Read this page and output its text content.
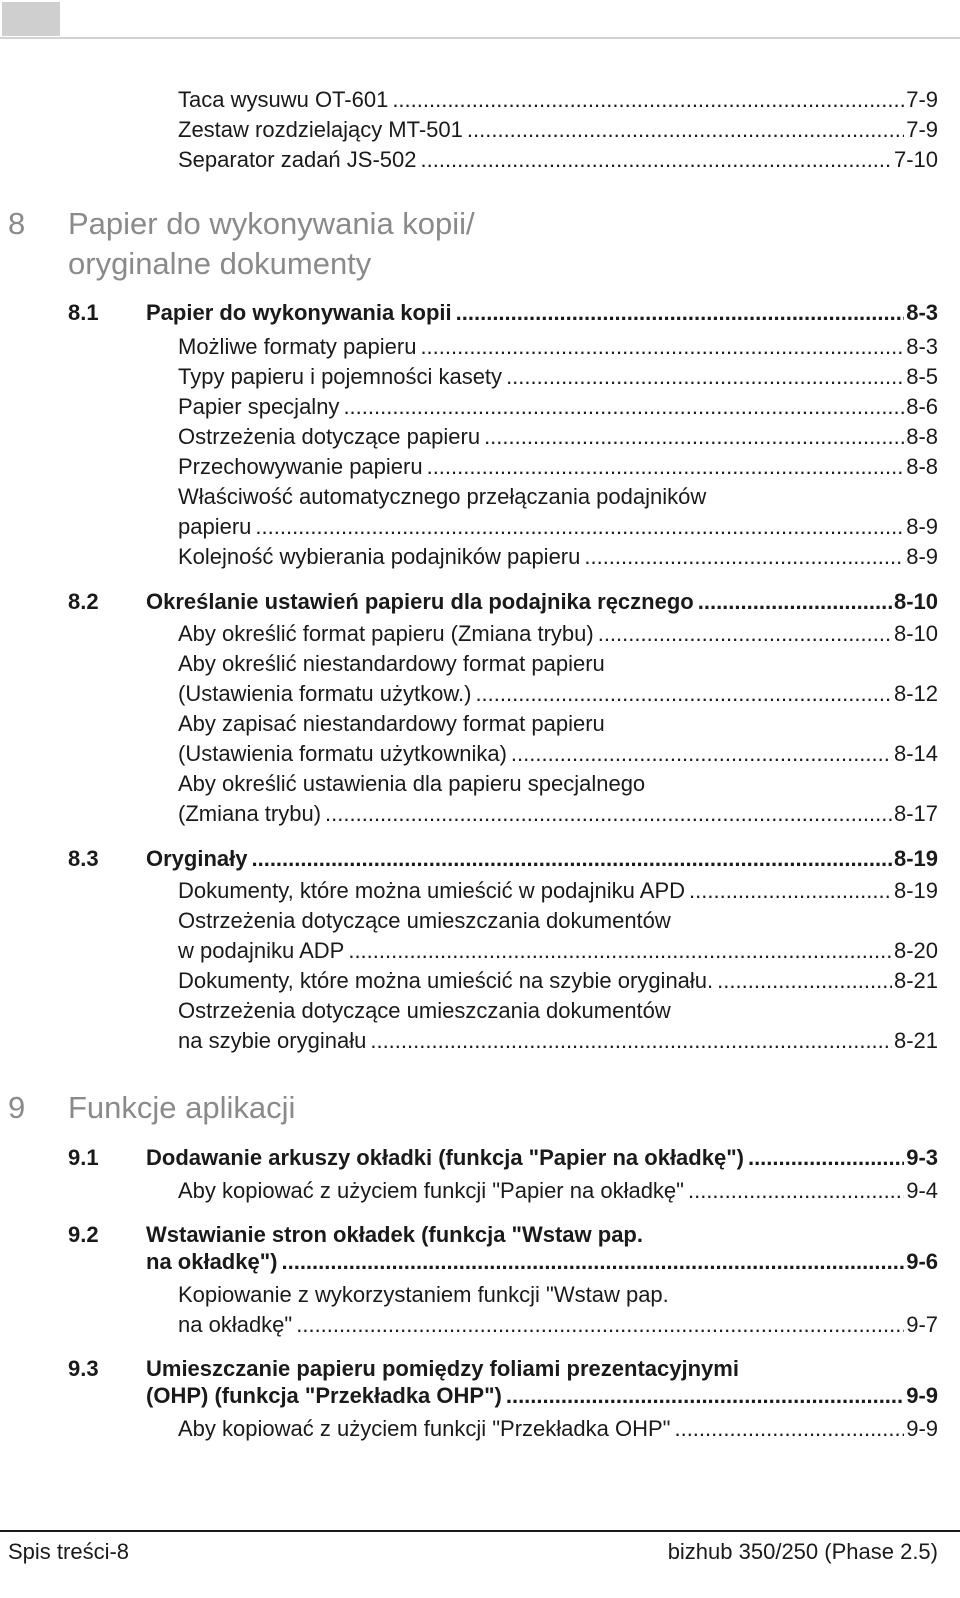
Taca wysuwu OT-601 .....	7-9
Zestaw rozdzielający MT-501 .....	7-9
Separator zadań JS-502 .....	7-10
8 Papier do wykonywania kopii/
oryginalne dokumenty
8.1	Papier do wykonywania kopii .....	8-3
Możliwe formaty papieru .....	8-3
Typy papieru i pojemności kasety .....	8-5
Papier specjalny .....	8-6
Ostrzeżenia dotyczące papieru .....	8-8
Przechowywanie papieru .....	8-8
Właściwość automatycznego przełączania podajników
papieru .....	8-9
Kolejność wybierania podajników papieru .....	8-9
8.2	Określanie ustawień papieru dla podajnika ręcznego .....	8-10
Aby określić format papieru (Zmiana trybu) .....	8-10
Aby określić niestandardowy format papieru
(Ustawienia formatu użytkow.) .....	8-12
Aby zapisać niestandardowy format papieru
(Ustawienia formatu użytkownika) .....	8-14
Aby określić ustawienia dla papieru specjalnego
(Zmiana trybu) .....	8-17
8.3	Oryginały .....	8-19
Dokumenty, które można umieścić w podajniku APD .....	8-19
Ostrzeżenia dotyczące umieszczania dokumentów
w podajniku ADP .....	8-20
Dokumenty, które można umieścić na szybie oryginału. .....	8-21
Ostrzeżenia dotyczące umieszczania dokumentów
na szybie oryginału .....	8-21
9 Funkcje aplikacji
9.1	Dodawanie arkuszy okładki (funkcja "Papier na okładkę") .....	9-3
Aby kopiować z użyciem funkcji "Papier na okładkę" .....	9-4
9.2	Wstawianie stron okładek (funkcja "Wstaw pap.
na okładkę") .....	9-6
Kopiowanie z wykorzystaniem funkcji "Wstaw pap.
na okładkę" .....	9-7
9.3	Umieszczanie papieru pomiędzy foliami prezentacyjnymi
(OHP) (funkcja "Przekładka OHP") .....	9-9
Aby kopiować z użyciem funkcji "Przekładka OHP" .....	9-9
Spis treści-8	bizhub 350/250 (Phase 2.5)
